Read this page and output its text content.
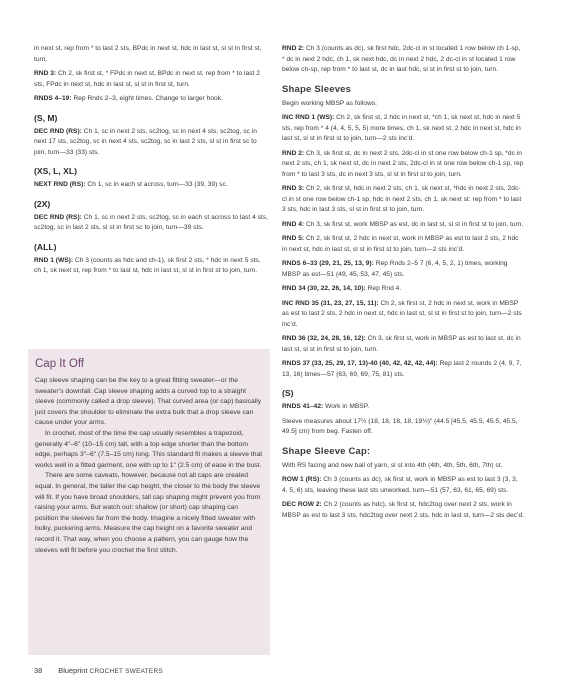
in next st, rep from * to last 2 sts, BPdc in next st, hdc in last st, sl st in first st, turn.

RND 3: Ch 2, sk first st, * FPdc in next st, BPdc in next st, rep from * to last 2 sts, FPdc in next st, hdc in last st, sl st in first st, turn.

RNDS 4–19: Rep Rnds 2–3, eight times. Change to larger hook.

(S, M)

DEC RND (RS): Ch 1, sc in next 2 sts, sc2tog, sc in next 4 sts, sc2tog, sc in next 17 sts, sc2tog, sc in next 4 sts, sc2tog, sc in last 2 sts, sl st in first sc to join, turn—33 (33) sts.

(XS, L, XL)

NEXT RND (RS): Ch 1, sc in each st across, turn—33 (39, 39) sc.

(2X)

DEC RND (RS): Ch 1, sc in next 2 sts, sc2tog, sc in each st across to last 4 sts, sc2tog, sc in last 2 sts, sl st in first sc to join, turn—39 sts.

(ALL)

RND 1 (WS): Ch 3 (counts as hdc and ch-1), sk first 2 sts, * hdc in next 5 sts, ch 1, sk next st, rep from * to last st, hdc in last st, sl st in first st to join, turn.

Cap It Off

Cap sleeve shaping can be the key to a great fitting sweater—or the sweater’s downfall. Cap sleeve shaping adds a curved top to a straight sleeve (commonly called a drop sleeve). That curved area (or cap) basically just covers the shoulder to eliminate the extra bulk that a drop sleeve can cause under your arms.

In crochet, most of the time the cap usually resembles a trapezoid, generally 4"–6" (10–15 cm) tall, with a top edge shorter than the bottom edge, perhaps 3"–6" (7.5–15 cm) long. This standard fit makes a sleeve that works well in a fitted garment, one with up to 1" (2.5 cm) of ease in the bust.

There are some caveats, however, because not all caps are created equal. In general, the taller the cap height, the closer to the body the sleeve will fit. If you have broad shoulders, tall cap shaping might prevent you from raising your arms. But watch out: shallow (or short) cap shaping can position the sleeves far from the body. Imagine a nicely fitted sweater with bulky, puckering arms. Measure the cap height on a favorite sweater and record it. That way, when you choose a pattern, you can gauge how the sleeves will fit before you crochet the first stitch.

RND 2: Ch 3 (counts as dc), sk first hdc, 2dc-cl in st located 1 row below ch 1-sp, * dc in next 2 hdc, ch 1, sk next hdc, dc in next 2 hdc, 2 dc-cl in st located 1 row below ch-sp, rep from * to last st, dc in last hdc, sl st in first st to join, turn.

Shape Sleeves

Begin working MBSP as follows:

INC RND 1 (WS): Ch 2, sk first st, 2 hdc in next st, *ch 1, sk next st, hdc in next 5 sts, rep from * 4 (4, 4, 5, 5, 5) more times, ch 1, sk next st, 2 hdc in next st, hdc in last st, sl st in first st to join, turn—2 sts inc’d.

RND 2: Ch 3, sk first st, dc in next 2 sts, 2dc-cl in st one row below ch-1 sp, *dc in next 2 sts, ch 1, sk next st, dc in next 2 sts, 2dc-cl in st one row below ch-1 sp, rep from * to last 3 sts, dc in next 3 sts, sl st in first st to join, turn.

RND 3: Ch 2, sk first st, hdc in next 2 sts, ch 1, sk next st, *hdc in next 2 sts, 2dc-cl in st one row below ch-1 sp, hdc in next 2 sts, ch 1, sk next st: rep from * to last 3 sts, hdc in last 3 sts, sl st in first st to join, turn.

RND 4: Ch 3, sk first st, work MBSP as est, dc in last st, sl st in first st to join, turn.

RND 5: Ch 2, sk first st, 2 hdc in next st, work in MBSP as est to last 2 sts, 2 hdc in next st, hdc in last st, sl st in first st to join, turn—2 sts inc’d.

RNDS 6–33 (29, 21, 25, 13, 9): Rep Rnds 2–5 7 (6, 4, 5, 2, 1) times, working MBSP as est—51 (49, 45, 53, 47, 45) sts.

RND 34 (30, 22, 26, 14, 10): Rep Rnd 4.

INC RND 35 (31, 23, 27, 15, 11): Ch 2, sk first st, 2 hdc in next st, work in MBSP as est to last 2 sts, 2 hdc in next st, hdc in last st, sl st in first st to join, turn—2 sts inc’d.

RND 36 (32, 24, 28, 16, 12): Ch 3, sk first st, work in MBSP as est to last st, dc in last st, sl st in first st to join, turn.

RNDS 37 (33, 25, 29, 17, 13)-40 (40, 42, 42, 42, 44): Rep last 2 rounds 2 (4, 9, 7, 13, 16) times—57 (63, 69, 69, 75, 81) sts.

(S)

RNDS 41–42: Work in MBSP.

Sleeve measures about 17½ (18, 18, 18, 18, 19½)" (44.5 [45.5, 45.5, 45.5, 45.5, 49.5] cm) from beg. Fasten off.

Shape Sleeve Cap:

With RS facing and new ball of yarn, sl st into 4th (4th, 4th, 5th, 6th, 7th) st.

ROW 1 (RS): Ch 3 (counts as dc), sk first st, work in MBSP as est to last 3 (3, 3, 4, 5, 6) sts, leaving these last sts unworked, turn—51 (57, 63, 61, 65, 69) sts.

DEC ROW 2: Ch 2 (counts as hdc), sk first st, hdc2tog over next 2 sts, work in MBSP as est to last 3 sts, hdc2tog over next 2 sts, hdc in last st, turn—2 sts dec’d.

38 Blueprint CROCHET SWEATERS
